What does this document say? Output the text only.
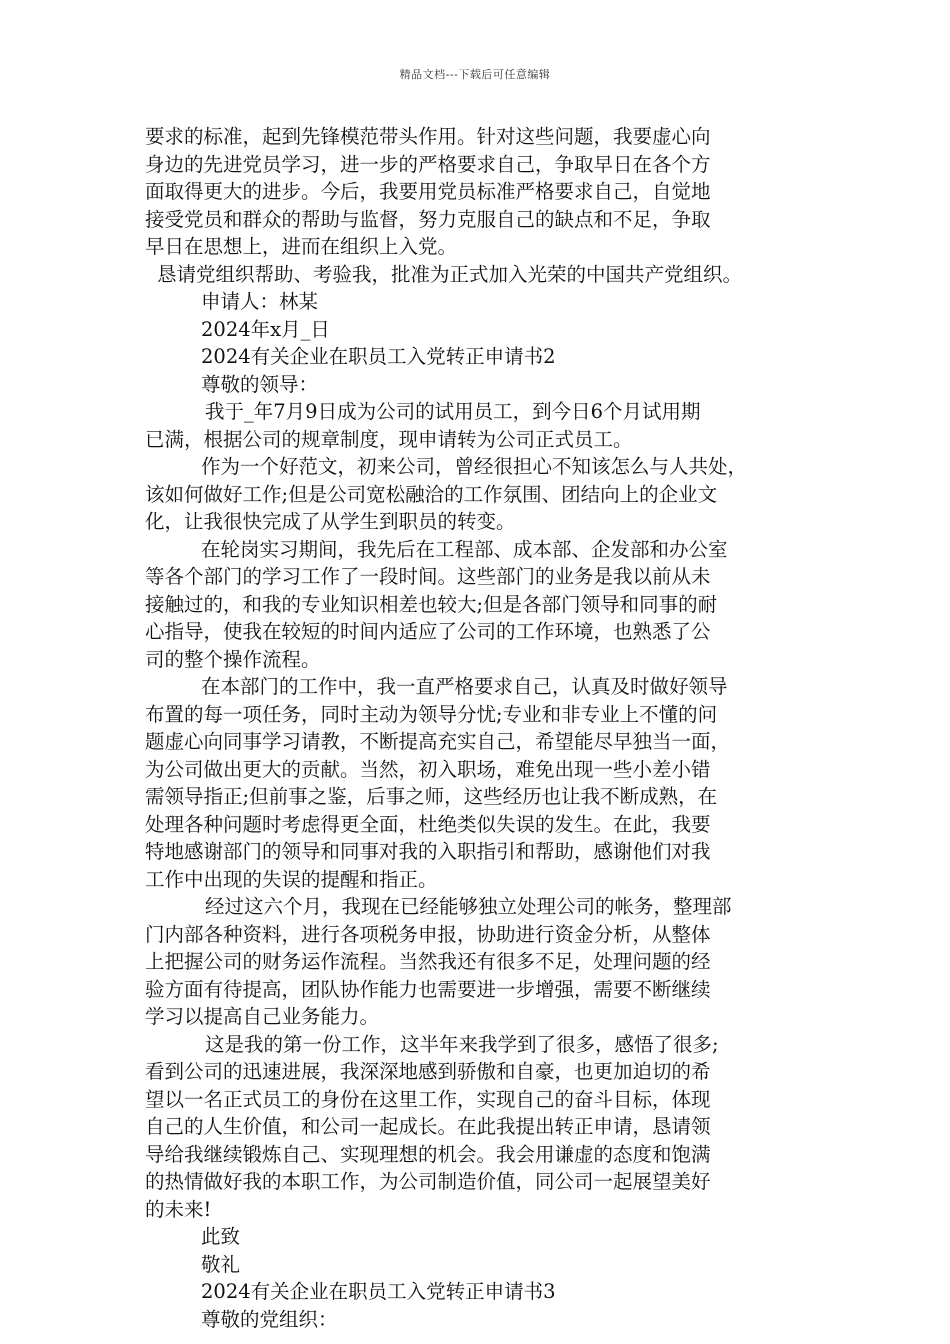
精品文档---下载后可任意编辑
要求的标准，起到先锋模范带头作用。针对这些问题，我要虚心向
身边的先进党员学习，进一步的严格要求自己，争取早日在各个方
面取得更大的进步。今后，我要用党员标准严格要求自己，自觉地
接受党员和群众的帮助与监督，努力克服自己的缺点和不足，争取
早日在思想上，进而在组织上入党。
恳请党组织帮助、考验我，批准为正式加入光荣的中国共产党组织。
申请人：林某
2024年x月_日
2024有关企业在职员工入党转正申请书2
尊敬的领导：
我于_年7月9日成为公司的试用员工，到今日6个月试用期
已满，根据公司的规章制度，现申请转为公司正式员工。
作为一个好范文，初来公司，曾经很担心不知该怎么与人共处，
该如何做好工作;但是公司宽松融洽的工作氛围、团结向上的企业文
化，让我很快完成了从学生到职员的转变。
在轮岗实习期间，我先后在工程部、成本部、企发部和办公室
等各个部门的学习工作了一段时间。这些部门的业务是我以前从未
接触过的，和我的专业知识相差也较大;但是各部门领导和同事的耐
心指导，使我在较短的时间内适应了公司的工作环境，也熟悉了公
司的整个操作流程。
在本部门的工作中，我一直严格要求自己，认真及时做好领导
布置的每一项任务，同时主动为领导分忧;专业和非专业上不懂的问
题虚心向同事学习请教，不断提高充实自己，希望能尽早独当一面，
为公司做出更大的贡献。当然，初入职场，难免出现一些小差小错
需领导指正;但前事之鉴，后事之师，这些经历也让我不断成熟，在
处理各种问题时考虑得更全面，杜绝类似失误的发生。在此，我要
特地感谢部门的领导和同事对我的入职指引和帮助，感谢他们对我
工作中出现的失误的提醒和指正。
经过这六个月，我现在已经能够独立处理公司的帐务，整理部
门内部各种资料，进行各项税务申报，协助进行资金分析，从整体
上把握公司的财务运作流程。当然我还有很多不足，处理问题的经
验方面有待提高，团队协作能力也需要进一步增强，需要不断继续
学习以提高自己业务能力。
这是我的第一份工作，这半年来我学到了很多，感悟了很多;
看到公司的迅速进展，我深深地感到骄傲和自豪，也更加迫切的希
望以一名正式员工的身份在这里工作，实现自己的奋斗目标，体现
自己的人生价值，和公司一起成长。在此我提出转正申请，恳请领
导给我继续锻炼自己、实现理想的机会。我会用谦虚的态度和饱满
的热情做好我的本职工作，为公司制造价值，同公司一起展望美好
的未来!
此致
敬礼
2024有关企业在职员工入党转正申请书3
尊敬的党组织：
